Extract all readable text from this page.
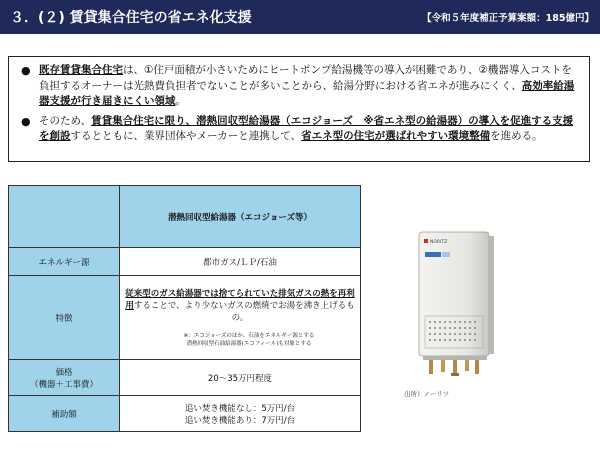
３．(２) 賃貸集合住宅の省エネ化支援	【令和５年度補正予算案額：185億円】
● 既存賃貸集合住宅は、①住戸面積が小さいためにヒートポンプ給湯機等の導入が困難であり、②機器導入コストを負担するオーナーは光熱費負担者でないことが多いことから、給湯分野における省エネが進みにくく、高効率給湯器支援が行き届きにくい領域。
● そのため、賃貸集合住宅に限り、潜熱回収型給湯器（エコジョーズ　※省エネ型の給湯器）の導入を促進する支援を創設するとともに、業界団体やメーカーと連携して、省エネ型の住宅が選ばれやすい環境整備を進める。
	潜熱回収型給湯器（エコジョーズ等）
エネルギー源	都市ガス/ＬＰ/石油
特徴	従来型のガス給湯器では捨てられていた排気ガスの熱を再利用することで、より少ないガスの燃焼でお湯を沸き上げるもの。
※：エコジョーズのほか、石油をエネルギー源とする
潜熱回収型石油給湯器(エコフィール)も対象とする

価格
（機器＋工事費）	20～35万円程度
補助額	追い焚き機能なし：5万円/台
追い焚き機能あり：7万円/台
NORITZ
出所）ノーリツ
